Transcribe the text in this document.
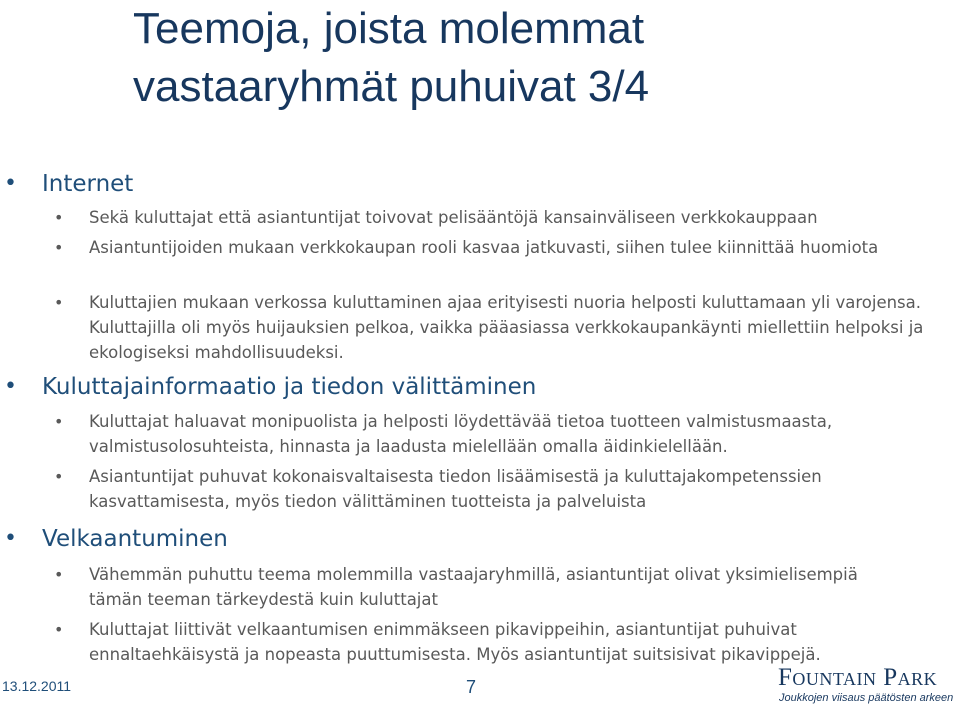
Teemoja, joista molemmat
vastaaryhmät puhuivat 3/4
•	Internet

•	Sekä kuluttajat että asiantuntijat toivovat pelisääntöjä kansainväliseen verkkokauppaan

•	Asiantuntijoiden mukaan verkkokaupan rooli kasvaa jatkuvasti, siihen tulee kiinnittää huomiota

•	Kuluttajien mukaan verkossa kuluttaminen ajaa erityisesti nuoria helposti kuluttamaan yli varojensa. Kuluttajilla oli myös huijauksien pelkoa, vaikka pääasiassa verkkokaupankäynti miellettiin helpoksi ja ekologiseksi mahdollisuudeksi.

•	Kuluttajainformaatio ja tiedon välittäminen

•	Kuluttajat haluavat monipuolista ja helposti löydettävää tietoa tuotteen valmistusmaasta, valmistusolosuhteista, hinnasta ja laadusta mielellään omalla äidinkielellään.

•	Asiantuntijat puhuvat kokonaisvaltaisesta tiedon lisäämisestä ja kuluttajakompetenssien kasvattamisesta, myös tiedon välittäminen tuotteista ja palveluista

•	Velkaantuminen

•	Vähemmän puhuttu teema molemmilla vastaajaryhmillä, asiantuntijat olivat yksimielisempiä tämän teeman tärkeydestä kuin kuluttajat

•	Kuluttajat liittivät velkaantumisen enimmäkseen pikavippeihin, asiantuntijat puhuivat ennaltaehkäisystä ja nopeasta puuttumisesta. Myös asiantuntijat suitsisivat pikavippejä.

13.12.2011	7	Fountain Park
Joukkojen viisaus päätösten arkeen
